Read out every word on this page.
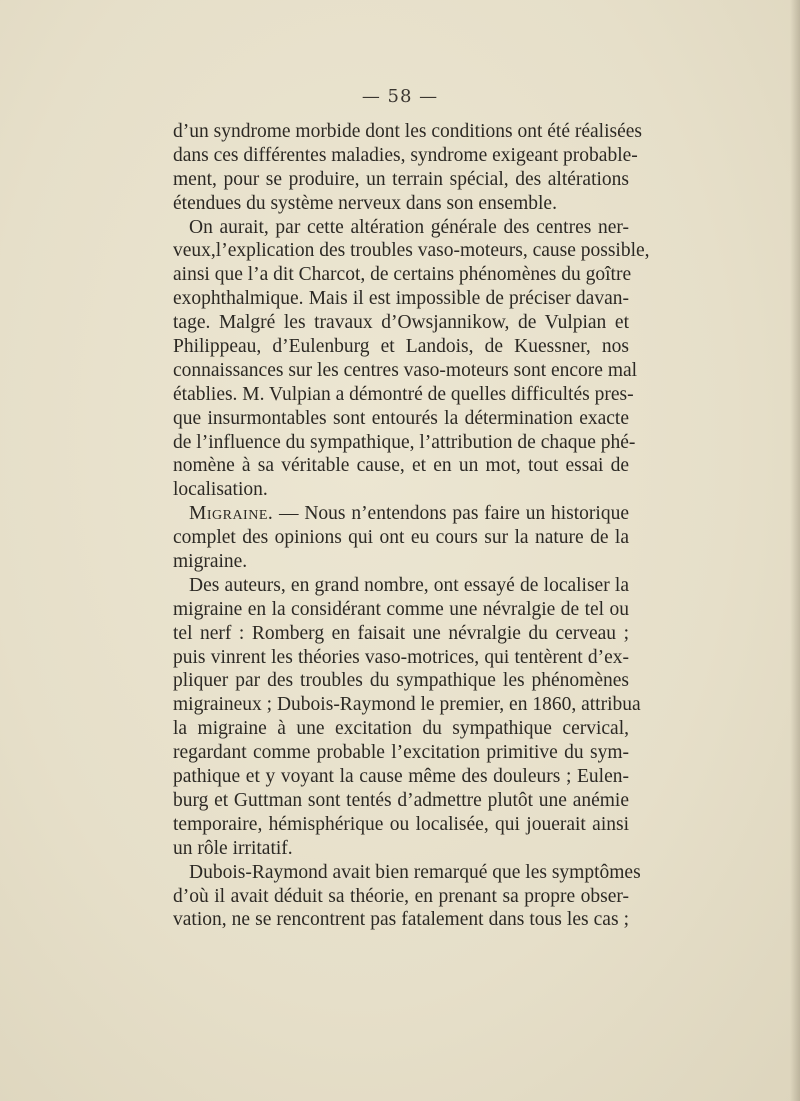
— 58 —
d’un syndrome morbide dont les conditions ont été réalisées
dans ces différentes maladies, syndrome exigeant probable-
ment, pour se produire, un terrain spécial, des altérations
étendues du système nerveux dans son ensemble.
On aurait, par cette altération générale des centres ner-
veux,l’explication des troubles vaso-moteurs, cause possible,
ainsi que l’a dit Charcot, de certains phénomènes du goître
exophthalmique. Mais il est impossible de préciser davan-
tage. Malgré les travaux d’Owsjannikow, de Vulpian et
Philippeau, d’Eulenburg et Landois, de Kuessner, nos
connaissances sur les centres vaso-moteurs sont encore mal
établies. M. Vulpian a démontré de quelles difficultés pres-
que insurmontables sont entourés la détermination exacte
de l’influence du sympathique, l’attribution de chaque phé-
nomène à sa véritable cause, et en un mot, tout essai de
localisation.
Migraine. — Nous n’entendons pas faire un historique
complet des opinions qui ont eu cours sur la nature de la
migraine.
Des auteurs, en grand nombre, ont essayé de localiser la
migraine en la considérant comme une névralgie de tel ou
tel nerf : Romberg en faisait une névralgie du cerveau ;
puis vinrent les théories vaso-motrices, qui tentèrent d’ex-
pliquer par des troubles du sympathique les phénomènes
migraineux ; Dubois-Raymond le premier, en 1860, attribua
la migraine à une excitation du sympathique cervical,
regardant comme probable l’excitation primitive du sym-
pathique et y voyant la cause même des douleurs ; Eulen-
burg et Guttman sont tentés d’admettre plutôt une anémie
temporaire, hémisphérique ou localisée, qui jouerait ainsi
un rôle irritatif.
Dubois-Raymond avait bien remarqué que les symptômes
d’où il avait déduit sa théorie, en prenant sa propre obser-
vation, ne se rencontrent pas fatalement dans tous les cas ;
